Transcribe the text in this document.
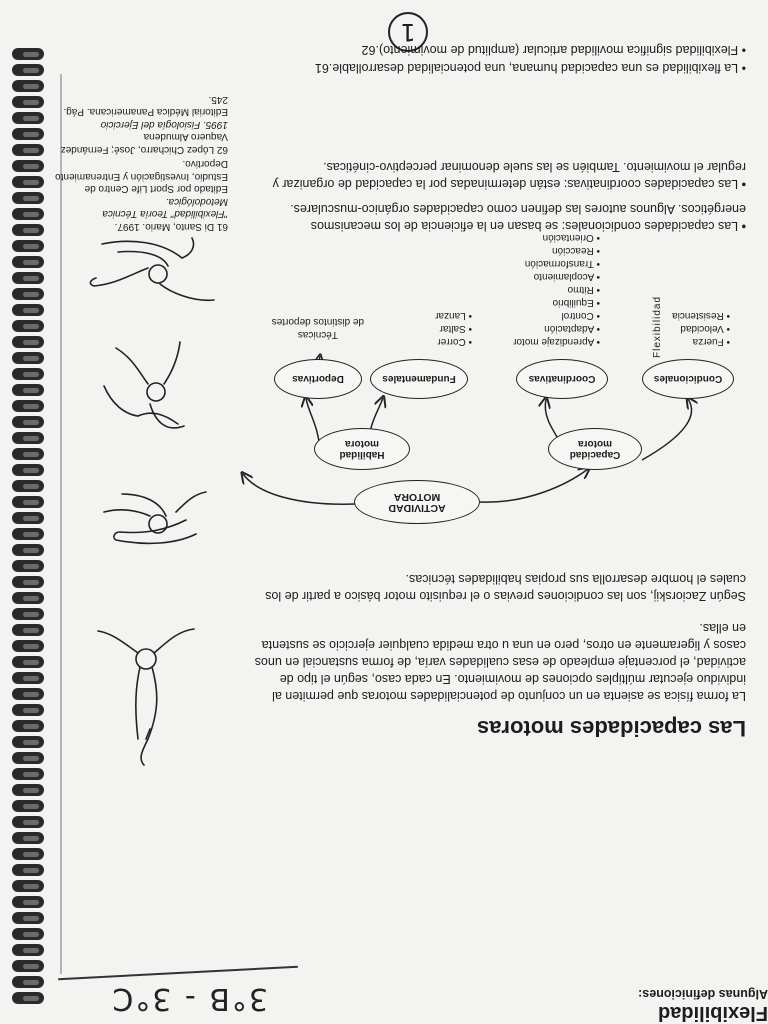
3°B - 3°C
1
Las capacidades motoras
La forma física se asienta en un conjunto de potencialidades motoras que permiten al individuo ejecutar múltiples opciones de movimiento. En cada caso, según el tipo de actividad, el porcentaje empleado de esas cualidades varía, de forma sustancial en unos casos y ligeramente en otros, pero en una u otra medida cualquier ejercicio se sustenta en ellas.
Según Zaciorskij, son las condiciones previas o el requisito motor básico a partir de los cuales el hombre desarrolla sus propias habilidades técnicas.
ACTIVIDAD
MOTORA
Capacidad
motora
Habilidad
motora
Condicionales
Coordinativas
Fundamentales
Deportivas
• Fuerza
• Velocidad
• Resistencia
Flexibilidad
• Aprendizaje motor
• Adaptación
• Control
• Equilibrio
• Ritmo
• Acoplamiento
• Transformación
• Reacción
• Orientación
• Correr
• Saltar
• Lanzar

Técnicas
de distintos deportes

• Las capacidades condicionales: se basan en la eficiencia de los mecanismos energéticos. Algunos autores las definen como capacidades orgánico-musculares.
• Las capacidades coordinativas: están determinadas por la capacidad de organizar y regular el movimiento. También se las suele denominar perceptivo-cinéticas.
Flexibilidad
Algunas definiciones:
• La flexibilidad es una capacidad humana, una potencialidad desarrollable.61
• Flexibilidad significa movilidad articular (amplitud de movimiento).62
61 Di Santo, Mario. 1997.
"Flexibilidad" Teoría Técnica Metodológica.
Editado por Sport Life Centro de Estudio, Investigación y Entrenamiento Deportivo.
62 López Chicharro, José; Fernández Vaquero Almudena
1995. Fisiología del Ejercicio
Editorial Médica Panamericana. Pág. 245.
